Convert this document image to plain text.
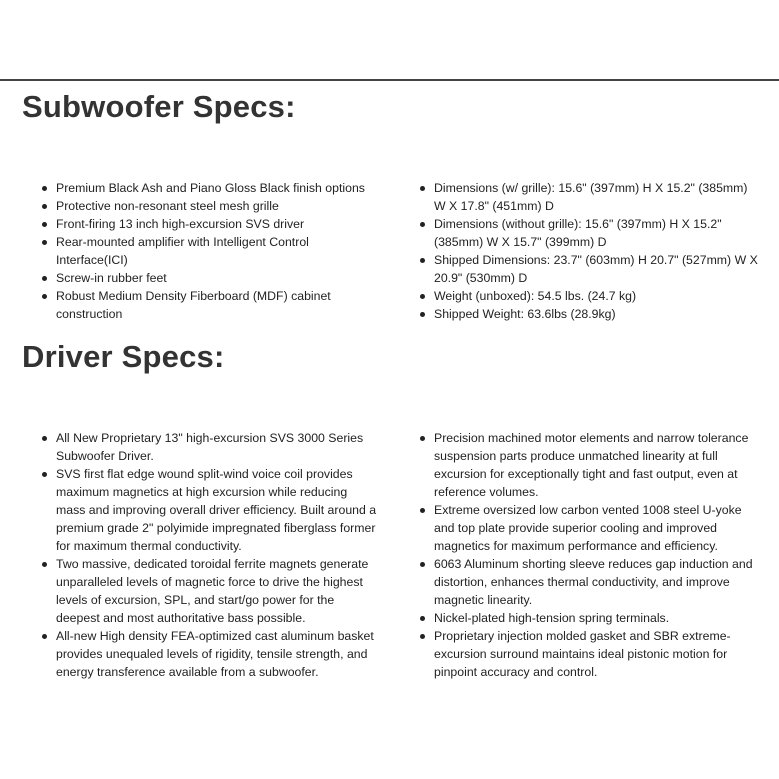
Subwoofer Specs:
Premium Black Ash and Piano Gloss Black finish options
Protective non-resonant steel mesh grille
Front-firing 13 inch high-excursion SVS driver
Rear-mounted amplifier with Intelligent Control Interface(ICI)
Screw-in rubber feet
Robust Medium Density Fiberboard (MDF) cabinet construction
Dimensions (w/ grille): 15.6" (397mm) H X 15.2" (385mm) W X 17.8" (451mm) D
Dimensions (without grille): 15.6" (397mm) H X 15.2" (385mm) W X 15.7" (399mm) D
Shipped Dimensions: 23.7" (603mm) H 20.7" (527mm) W X 20.9" (530mm) D
Weight (unboxed): 54.5 lbs. (24.7 kg)
Shipped Weight: 63.6lbs (28.9kg)
Driver Specs:
All New Proprietary 13" high-excursion SVS 3000 Series Subwoofer Driver.
SVS first flat edge wound split-wind voice coil provides maximum magnetics at high excursion while reducing mass and improving overall driver efficiency. Built around a premium grade 2" polyimide impregnated fiberglass former for maximum thermal conductivity.
Two massive, dedicated toroidal ferrite magnets generate unparalleled levels of magnetic force to drive the highest levels of excursion, SPL, and start/go power for the deepest and most authoritative bass possible.
All-new High density FEA-optimized cast aluminum basket provides unequaled levels of rigidity, tensile strength, and energy transference available from a subwoofer.
Precision machined motor elements and narrow tolerance suspension parts produce unmatched linearity at full excursion for exceptionally tight and fast output, even at reference volumes.
Extreme oversized low carbon vented 1008 steel U-yoke and top plate provide superior cooling and improved magnetics for maximum performance and efficiency.
6063 Aluminum shorting sleeve reduces gap induction and distortion, enhances thermal conductivity, and improve magnetic linearity.
Nickel-plated high-tension spring terminals.
Proprietary injection molded gasket and SBR extreme-excursion surround maintains ideal pistonic motion for pinpoint accuracy and control.
